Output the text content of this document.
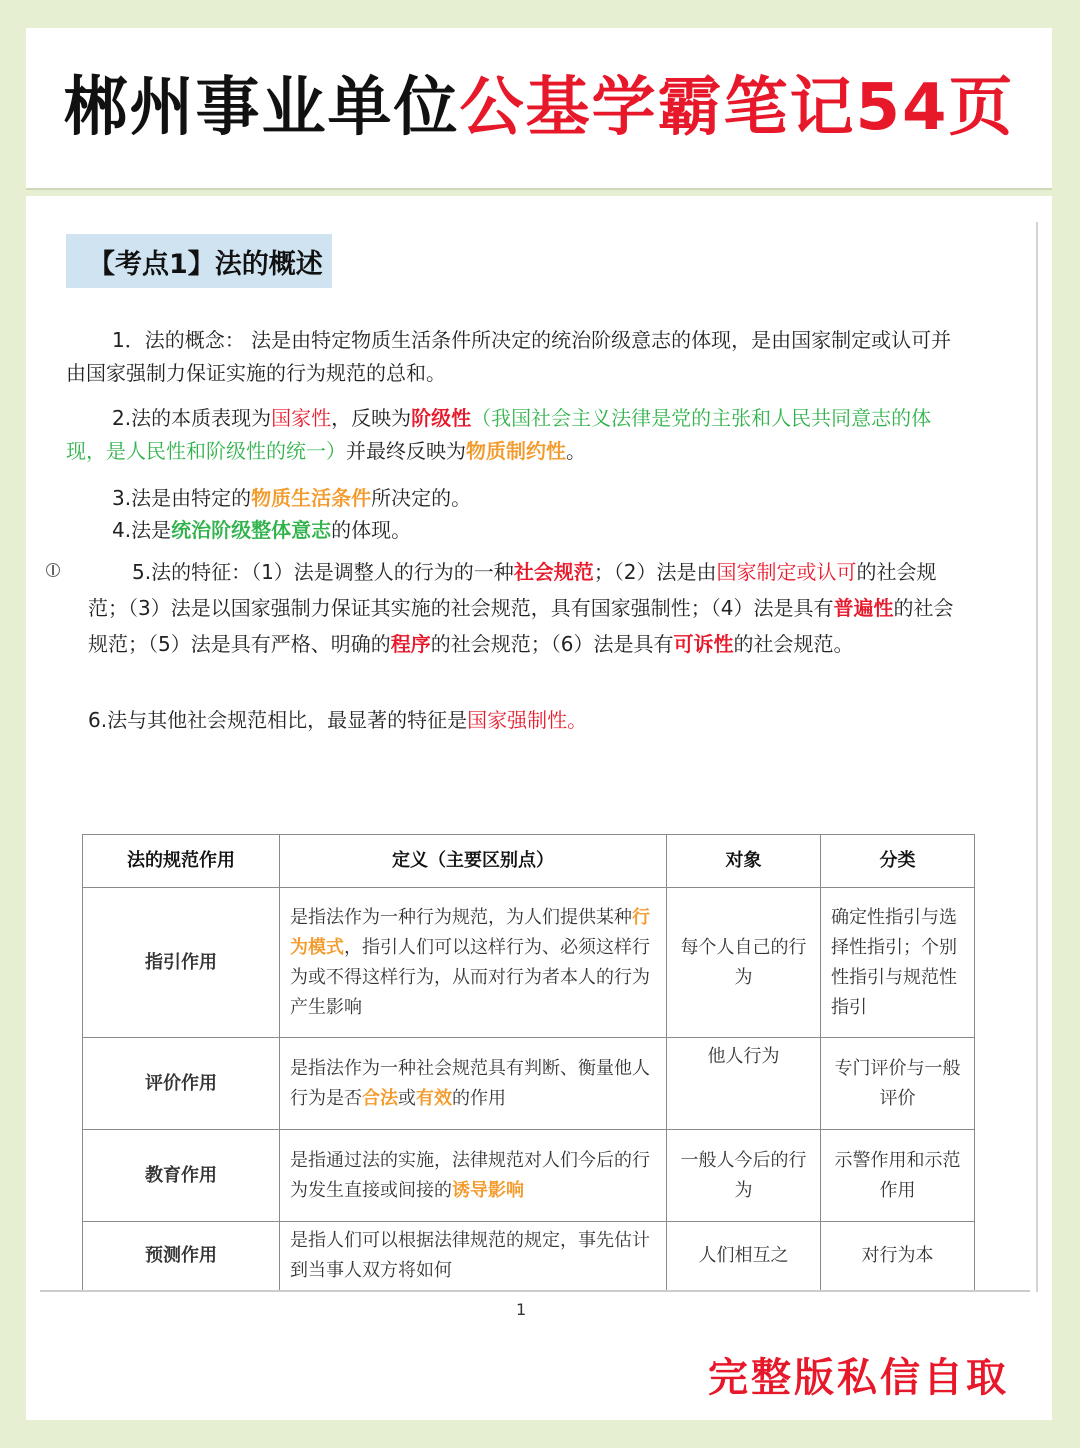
郴州事业单位公基学霸笔记54页
【考点1】法的概述

1．法的概念： 法是由特定物质生活条件所决定的统治阶级意志的体现，是由国家制定或认可并由国家强制力保证实施的行为规范的总和。

2.法的本质表现为国家性，反映为阶级性（我国社会主义法律是党的主张和人民共同意志的体现，是人民性和阶级性的统一）并最终反映为物质制约性。

3.法是由特定的物质生活条件所决定的。

4.法是统治阶级整体意志的体现。

5.法的特征：（1）法是调整人的行为的一种社会规范；（2）法是由国家制定或认可的社会规范；（3）法是以国家强制力保证其实施的社会规范，具有国家强制性；（4）法是具有普遍性的社会规范；（5）法是具有严格、明确的程序的社会规范；（6）法是具有可诉性的社会规范。

6.法与其他社会规范相比，最显著的特征是国家强制性。

法的规范作用	定义（主要区别点）	对象	分类
指引作用	是指法作为一种行为规范，为人们提供某种行为模式，指引人们可以这样行为、必须这样行为或不得这样行为，从而对行为者本人的行为产生影响	每个人自己的行为	确定性指引与选择性指引；个别性指引与规范性指引
评价作用	是指法作为一种社会规范具有判断、衡量他人行为是否合法或有效的作用	他人行为	专门评价与一般评价
教育作用	是指通过法的实施，法律规范对人们今后的行为发生直接或间接的诱导影响	一般人今后的行为	示警作用和示范作用
预测作用	是指人们可以根据法律规范的规定，事先估计到当事人双方将如何	人们相互之	对行为本
1
完整版私信自取
